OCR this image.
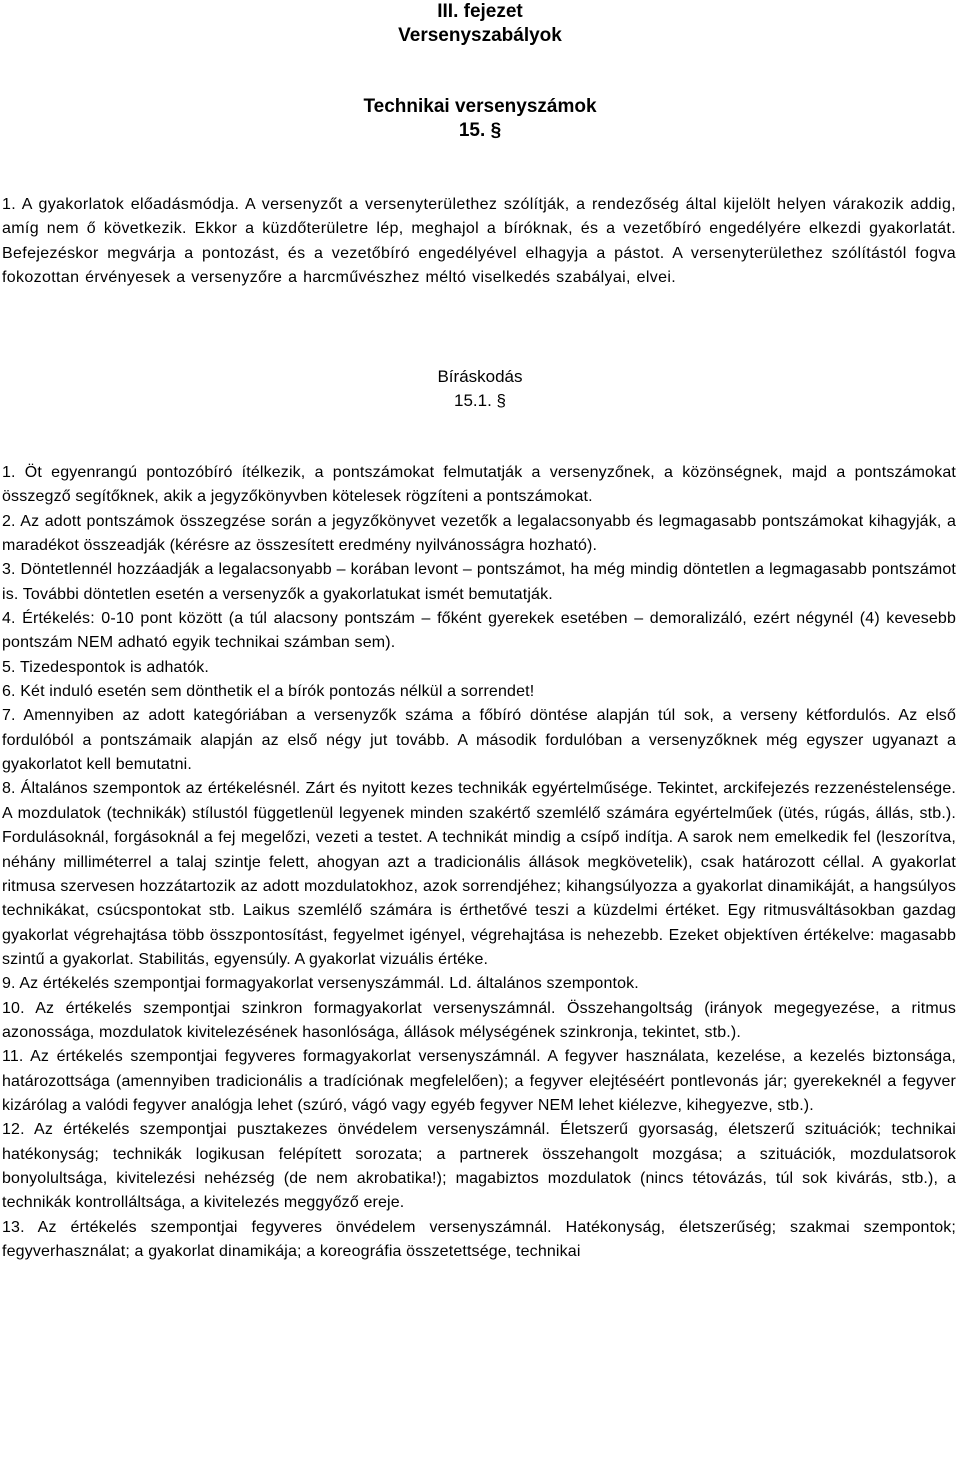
III. fejezet
Versenyszabályok
Technikai versenyszámok
15. §
1. A gyakorlatok előadásmódja. A versenyzőt a versenyterülethez szólítják, a rendezőség által kijelölt helyen várakozik addig, amíg nem ő következik. Ekkor a küzdőterületre lép, meghajol a bíróknak, és a vezetőbíró engedélyére elkezdi gyakorlatát. Befejezéskor megvárja a pontozást, és a vezetőbíró engedélyével elhagyja a pástot. A versenyterülethez szólítástól fogva fokozottan érvényesek a versenyzőre a harcművészhez méltó viselkedés szabályai, elvei.
Bíráskodás
15.1. §

1. Öt egyenrangú pontozóbíró ítélkezik, a pontszámokat felmutatják a versenyzőnek, a közönségnek, majd a pontszámokat összegző segítőknek, akik a jegyzőkönyvben kötelesek rögzíteni a pontszámokat.

2. Az adott pontszámok összegzése során a jegyzőkönyvet vezetők a legalacsonyabb és legmagasabb pontszámokat kihagyják, a maradékot összeadják (kérésre az összesített eredmény nyilvánosságra hozható).

3. Döntetlennél hozzáadják a legalacsonyabb – korában levont – pontszámot, ha még mindig döntetlen a legmagasabb pontszámot is. További döntetlen esetén a versenyzők a gyakorlatukat ismét bemutatják.

4. Értékelés: 0-10 pont között (a túl alacsony pontszám – főként gyerekek esetében – demoralizáló, ezért négynél (4) kevesebb pontszám NEM adható egyik technikai számban sem).

5. Tizedespontok is adhatók.

6. Két induló esetén sem dönthetik el a bírók pontozás nélkül a sorrendet!

7. Amennyiben az adott kategóriában a versenyzők száma a főbíró döntése alapján túl sok, a verseny kétfordulós. Az első fordulóból a pontszámaik alapján az első négy jut tovább. A második fordulóban a versenyzőknek még egyszer ugyanazt a gyakorlatot kell bemutatni.

8. Általános szempontok az értékelésnél. Zárt és nyitott kezes technikák egyértelműsége. Tekintet, arckifejezés rezzenéstelensége. A mozdulatok (technikák) stílustól függetlenül legyenek minden szakértő szemlélő számára egyértelműek (ütés, rúgás, állás, stb.). Fordulásoknál, forgásoknál a fej megelőzi, vezeti a testet. A technikát mindig a csípő indítja. A sarok nem emelkedik fel (leszorítva, néhány milliméterrel a talaj szintje felett, ahogyan azt a tradicionális állások megkövetelik), csak határozott céllal. A gyakorlat ritmusa szervesen hozzátartozik az adott mozdulatokhoz, azok sorrendjéhez; kihangsúlyozza a gyakorlat dinamikáját, a hangsúlyos technikákat, csúcspontokat stb. Laikus szemlélő számára is érthetővé teszi a küzdelmi értéket. Egy ritmusváltásokban gazdag gyakorlat végrehajtása több összpontosítást, fegyelmet igényel, végrehajtása is nehezebb. Ezeket objektíven értékelve: magasabb szintű a gyakorlat. Stabilitás, egyensúly. A gyakorlat vizuális értéke.

9. Az értékelés szempontjai formagyakorlat versenyszámmál. Ld. általános szempontok.

10. Az értékelés szempontjai szinkron formagyakorlat versenyszámnál. Összehangoltság (irányok megegyezése, a ritmus azonossága, mozdulatok kivitelezésének hasonlósága, állások mélységének szinkronja, tekintet, stb.).

11. Az értékelés szempontjai fegyveres formagyakorlat versenyszámnál. A fegyver használata, kezelése, a kezelés biztonsága, határozottsága (amennyiben tradicionális a tradíciónak megfelelően); a fegyver elejtéséért pontlevonás jár; gyerekeknél a fegyver kizárólag a valódi fegyver analógja lehet (szúró, vágó vagy egyéb fegyver NEM lehet kiélezve, kihegyezve, stb.).

12. Az értékelés szempontjai pusztakezes önvédelem versenyszámnál. Életszerű gyorsaság, életszerű szituációk; technikai hatékonyság; technikák logikusan felépített sorozata; a partnerek összehangolt mozgása; a szituációk, mozdulatsorok bonyolultsága, kivitelezési nehézség (de nem akrobatika!); magabiztos mozdulatok (nincs tétovázás, túl sok kivárás, stb.), a technikák kontrolláltsága, a kivitelezés meggyőző ereje.

13. Az értékelés szempontjai fegyveres önvédelem versenyszámnál. Hatékonyság, életszerűség; szakmai szempontok; fegyverhasználat; a gyakorlat dinamikája; a koreográfia összetettsége, technikai
